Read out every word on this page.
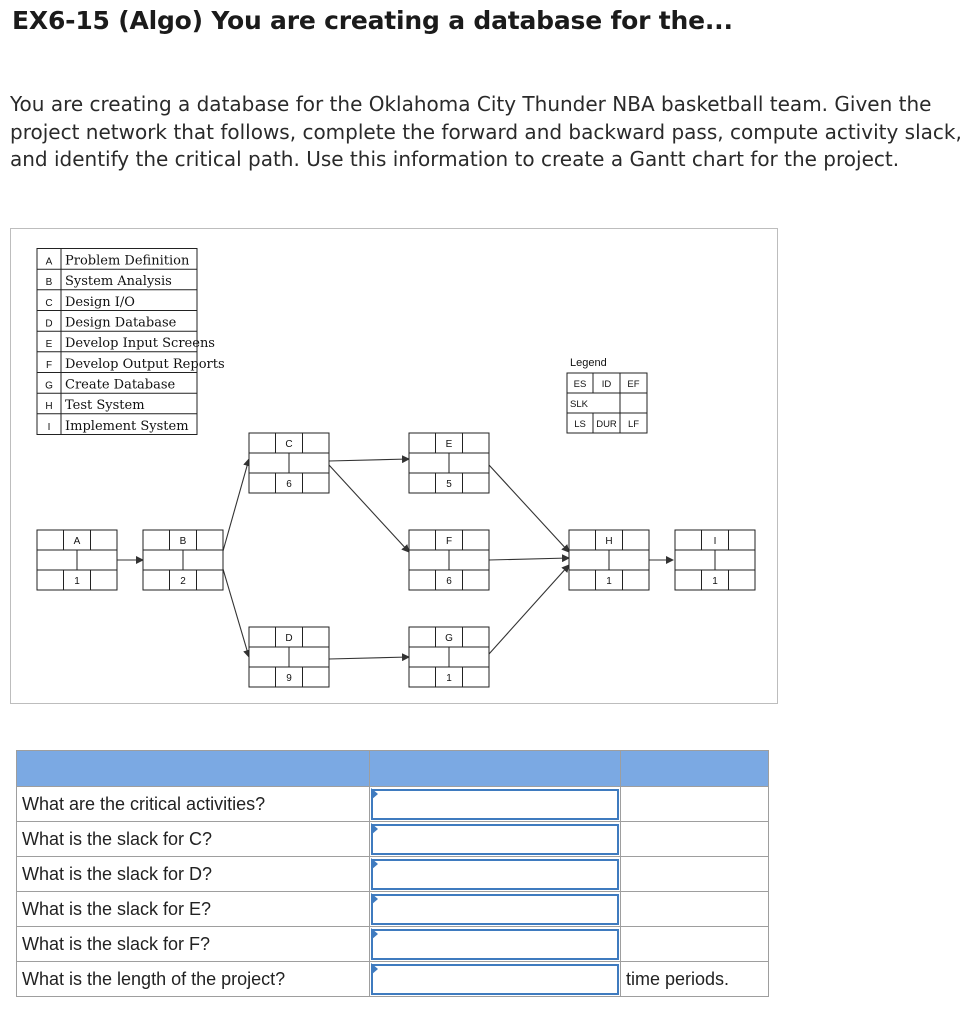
EX6-15 (Algo) You are creating a database for the...

You are creating a database for the Oklahoma City Thunder NBA basketball team. Given the project network that follows, complete the forward and backward pass, compute activity slack, and identify the critical path. Use this information to create a Gantt chart for the project.

A Problem Definition
B System Analysis
C Design I/O
D Design Database
E Develop Input Screens
F Develop Output Reports
G Create Database
H Test System
I Implement System
Legend
ES ID EF
SLK
LS DUR LF
A
1
B
2
C
6
D
9
E
5
F
6
G
1
H
1
I
1

What are the critical activities?	

What is the slack for C?	

What is the slack for D?	

What is the slack for E?	

What is the slack for F?	

What is the length of the project?		time periods.
